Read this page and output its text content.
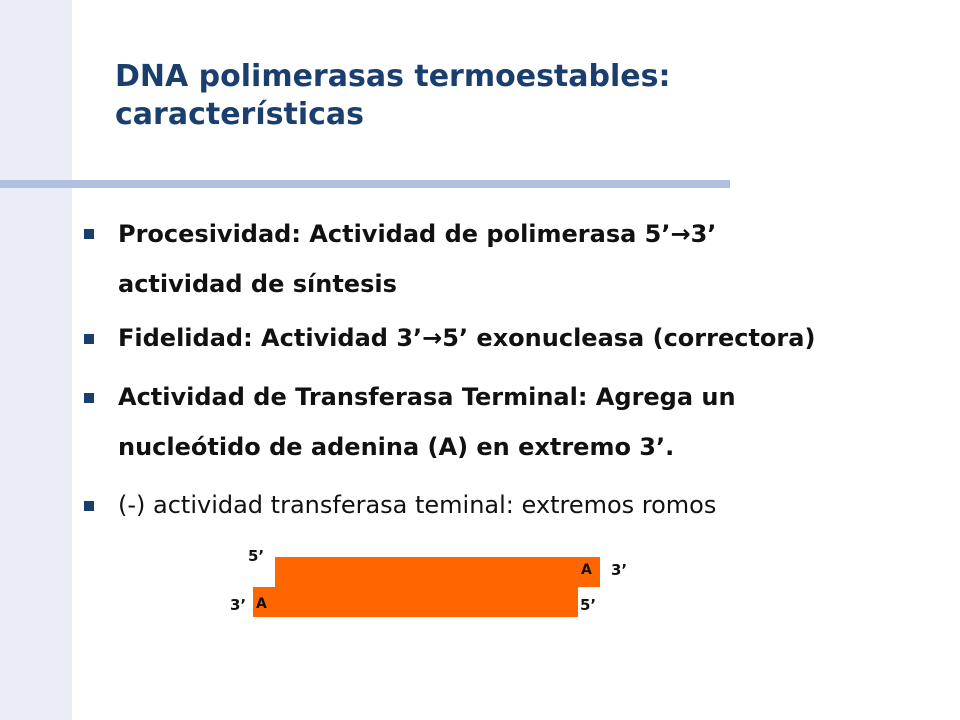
DNA polimerasas termoestables:
características
Procesividad: Actividad de polimerasa 5’→3’
actividad de síntesis
Fidelidad: Actividad 3’→5’ exonucleasa (correctora)
Actividad de Transferasa Terminal: Agrega un
nucleótido de adenina (A) en extremo 3’.
(-) actividad transferasa teminal: extremos romos
5’
3’
A
3’ A	5’
